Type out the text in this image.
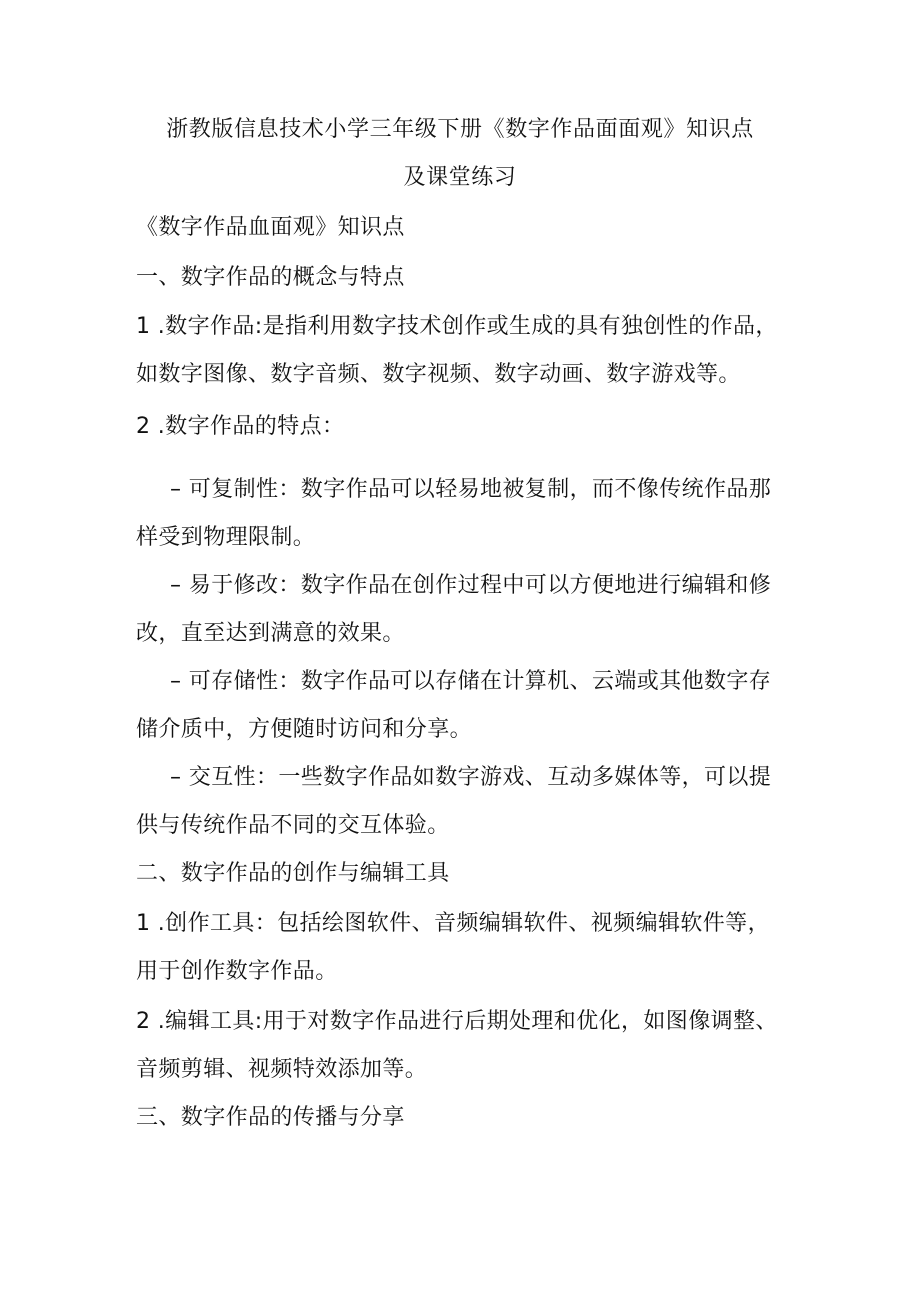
浙教版信息技术小学三年级下册《数字作品面面观》知识点
及课堂练习
《数字作品血面观》知识点
一、数字作品的概念与特点
1 .数字作品:是指利用数字技术创作或生成的具有独创性的作品，
如数字图像、数字音频、数字视频、数字动画、数字游戏等。
2 .数字作品的特点：
– 可复制性：数字作品可以轻易地被复制，而不像传统作品那
样受到物理限制。
– 易于修改：数字作品在创作过程中可以方便地进行编辑和修
改，直至达到满意的效果。
– 可存储性：数字作品可以存储在计算机、云端或其他数字存
储介质中，方便随时访问和分享。
– 交互性：一些数字作品如数字游戏、互动多媒体等，可以提
供与传统作品不同的交互体验。
二、数字作品的创作与编辑工具
1 .创作工具：包括绘图软件、音频编辑软件、视频编辑软件等，
用于创作数字作品。
2 .编辑工具:用于对数字作品进行后期处理和优化，如图像调整、
音频剪辑、视频特效添加等。
三、数字作品的传播与分享
